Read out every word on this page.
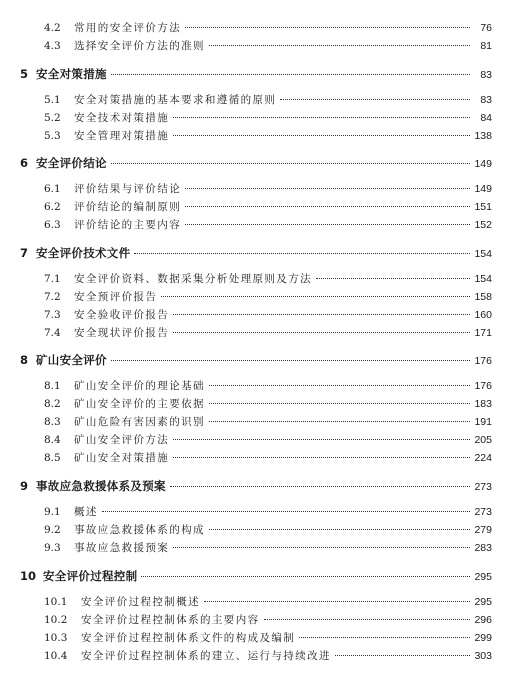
4.2	常用的安全评价方法	76
4.3	选择安全评价方法的准则	81
5 安全对策措施	83
5.1	安全对策措施的基本要求和遵循的原则	83
5.2	安全技术对策措施	84
5.3	安全管理对策措施	138
6 安全评价结论	149
6.1	评价结果与评价结论	149
6.2	评价结论的编制原则	151
6.3	评价结论的主要内容	152
7 安全评价技术文件	154
7.1	安全评价资料、数据采集分析处理原则及方法	154
7.2	安全预评价报告	158
7.3	安全验收评价报告	160
7.4	安全现状评价报告	171
8 矿山安全评价	176
8.1	矿山安全评价的理论基础	176
8.2	矿山安全评价的主要依据	183
8.3	矿山危险有害因素的识别	191
8.4	矿山安全评价方法	205
8.5	矿山安全对策措施	224
9 事故应急救援体系及预案	273
9.1	概述	273
9.2	事故应急救援体系的构成	279
9.3	事故应急救援预案	283
10 安全评价过程控制	295
10.1	安全评价过程控制概述	295
10.2	安全评价过程控制体系的主要内容	296
10.3	安全评价过程控制体系文件的构成及编制	299
10.4	安全评价过程控制体系的建立、运行与持续改进	303
